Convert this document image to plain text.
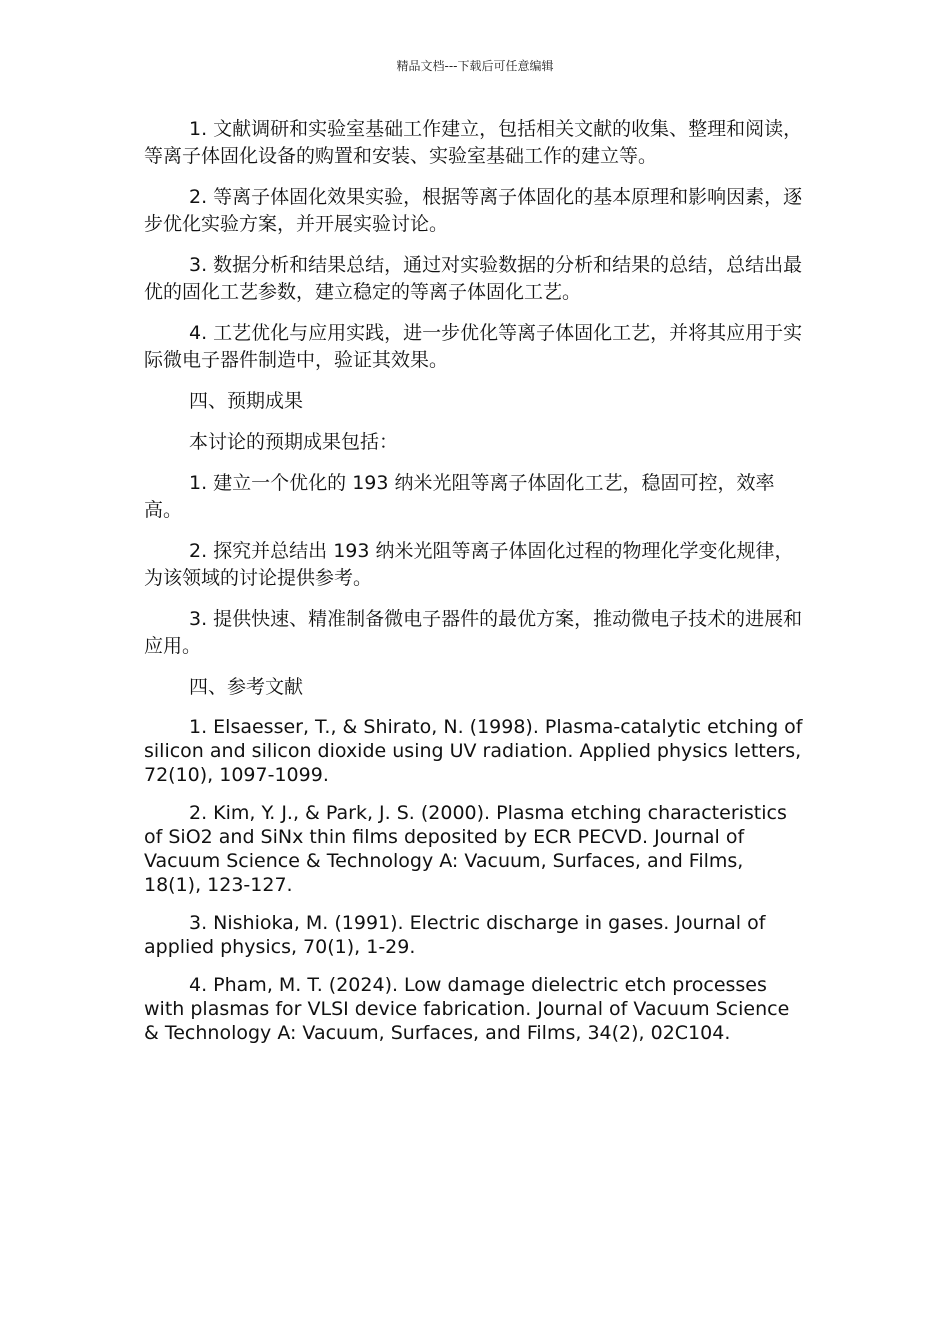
精品文档---下载后可任意编辑

1. 文献调研和实验室基础工作建立，包括相关文献的收集、整理和阅读，等离子体固化设备的购置和安装、实验室基础工作的建立等。

2. 等离子体固化效果实验，根据等离子体固化的基本原理和影响因素，逐步优化实验方案，并开展实验讨论。

3. 数据分析和结果总结，通过对实验数据的分析和结果的总结，总结出最优的固化工艺参数，建立稳定的等离子体固化工艺。

4. 工艺优化与应用实践，进一步优化等离子体固化工艺，并将其应用于实际微电子器件制造中，验证其效果。

四、预期成果

本讨论的预期成果包括：

1. 建立一个优化的 193 纳米光阻等离子体固化工艺，稳固可控，效率高。

2. 探究并总结出 193 纳米光阻等离子体固化过程的物理化学变化规律，为该领域的讨论提供参考。

3. 提供快速、精准制备微电子器件的最优方案，推动微电子技术的进展和应用。

四、参考文献

1. Elsaesser, T., & Shirato, N. (1998). Plasma-catalytic etching of silicon and silicon dioxide using UV radiation. Applied physics letters, 72(10), 1097-1099.

2. Kim, Y. J., & Park, J. S. (2000). Plasma etching characteristics of SiO2 and SiNx thin films deposited by ECR PECVD. Journal of Vacuum Science & Technology A: Vacuum, Surfaces, and Films, 18(1), 123-127.

3. Nishioka, M. (1991). Electric discharge in gases. Journal of applied physics, 70(1), 1-29.

4. Pham, M. T. (2024). Low damage dielectric etch processes with plasmas for VLSI device fabrication. Journal of Vacuum Science & Technology A: Vacuum, Surfaces, and Films, 34(2), 02C104.
